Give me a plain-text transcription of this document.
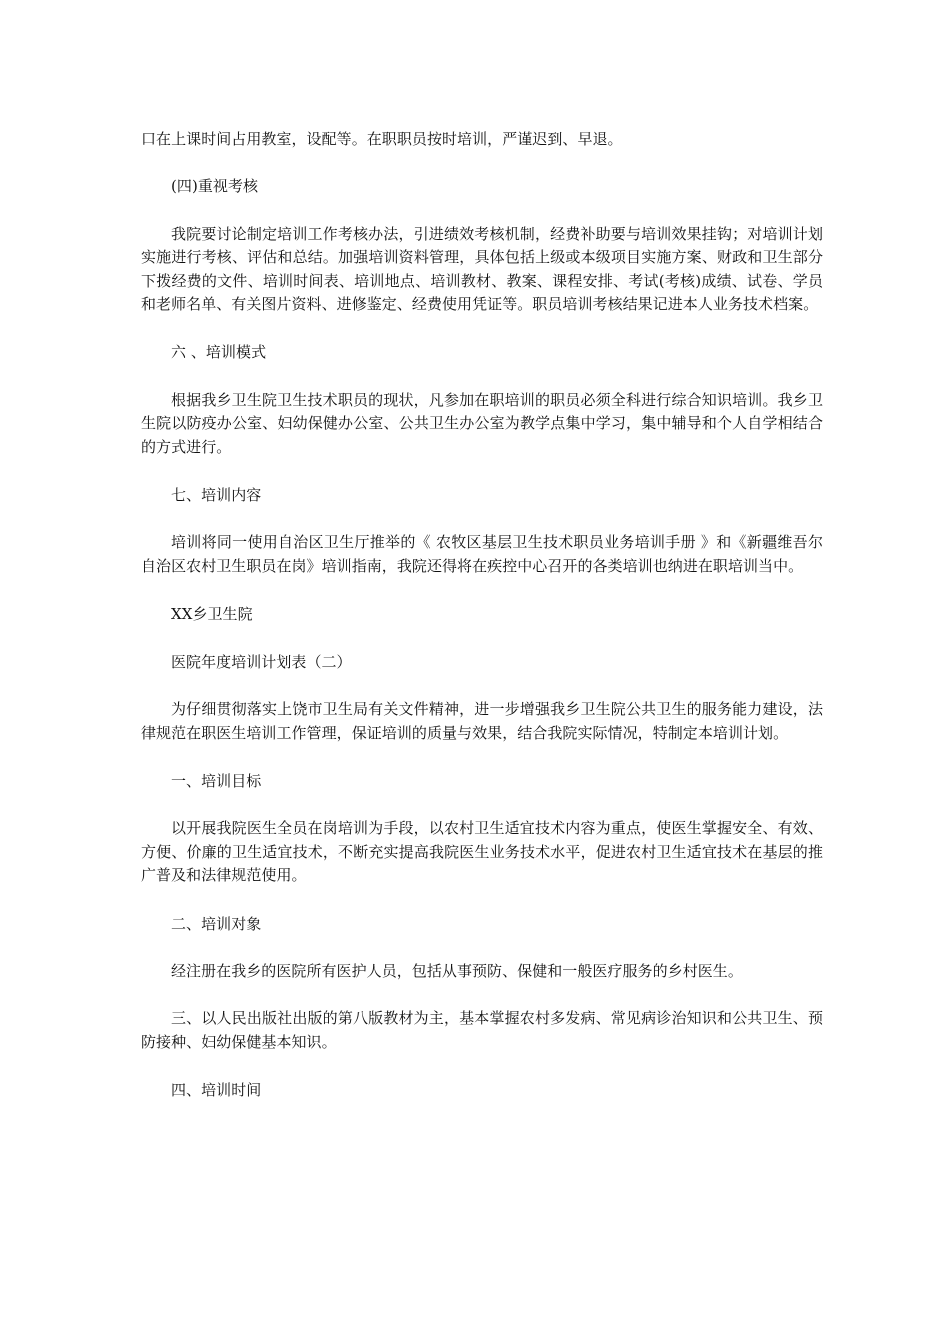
口在上课时间占用教室，设配等。在职职员按时培训，严谨迟到、早退。

(四)重视考核

我院要讨论制定培训工作考核办法，引进绩效考核机制，经费补助要与培训效果挂钩；对培训计划实施进行考核、评估和总结。加强培训资料管理，具体包括上级或本级项目实施方案、财政和卫生部分下拨经费的文件、培训时间表、培训地点、培训教材、教案、课程安排、考试(考核)成绩、试卷、学员和老师名单、有关图片资料、进修鉴定、经费使用凭证等。职员培训考核结果记进本人业务技术档案。

六 、培训模式

根据我乡卫生院卫生技术职员的现状，凡参加在职培训的职员必须全科进行综合知识培训。我乡卫生院以防疫办公室、妇幼保健办公室、公共卫生办公室为教学点集中学习，集中辅导和个人自学相结合的方式进行。

七、培训内容

培训将同一使用自治区卫生厅推举的《 农牧区基层卫生技术职员业务培训手册 》和《新疆维吾尔自治区农村卫生职员在岗》培训指南，我院还得将在疾控中心召开的各类培训也纳进在职培训当中。

XX乡卫生院

医院年度培训计划表（二）

为仔细贯彻落实上饶市卫生局有关文件精神，进一步增强我乡卫生院公共卫生的服务能力建设，法律规范在职医生培训工作管理，保证培训的质量与效果，结合我院实际情况，特制定本培训计划。

一、培训目标

以开展我院医生全员在岗培训为手段，以农村卫生适宜技术内容为重点，使医生掌握安全、有效、方便、价廉的卫生适宜技术，不断充实提高我院医生业务技术水平，促进农村卫生适宜技术在基层的推广普及和法律规范使用。

二、培训对象

经注册在我乡的医院所有医护人员，包括从事预防、保健和一般医疗服务的乡村医生。

三、以人民出版社出版的第八版教材为主，基本掌握农村多发病、常见病诊治知识和公共卫生、预防接种、妇幼保健基本知识。

四、培训时间
